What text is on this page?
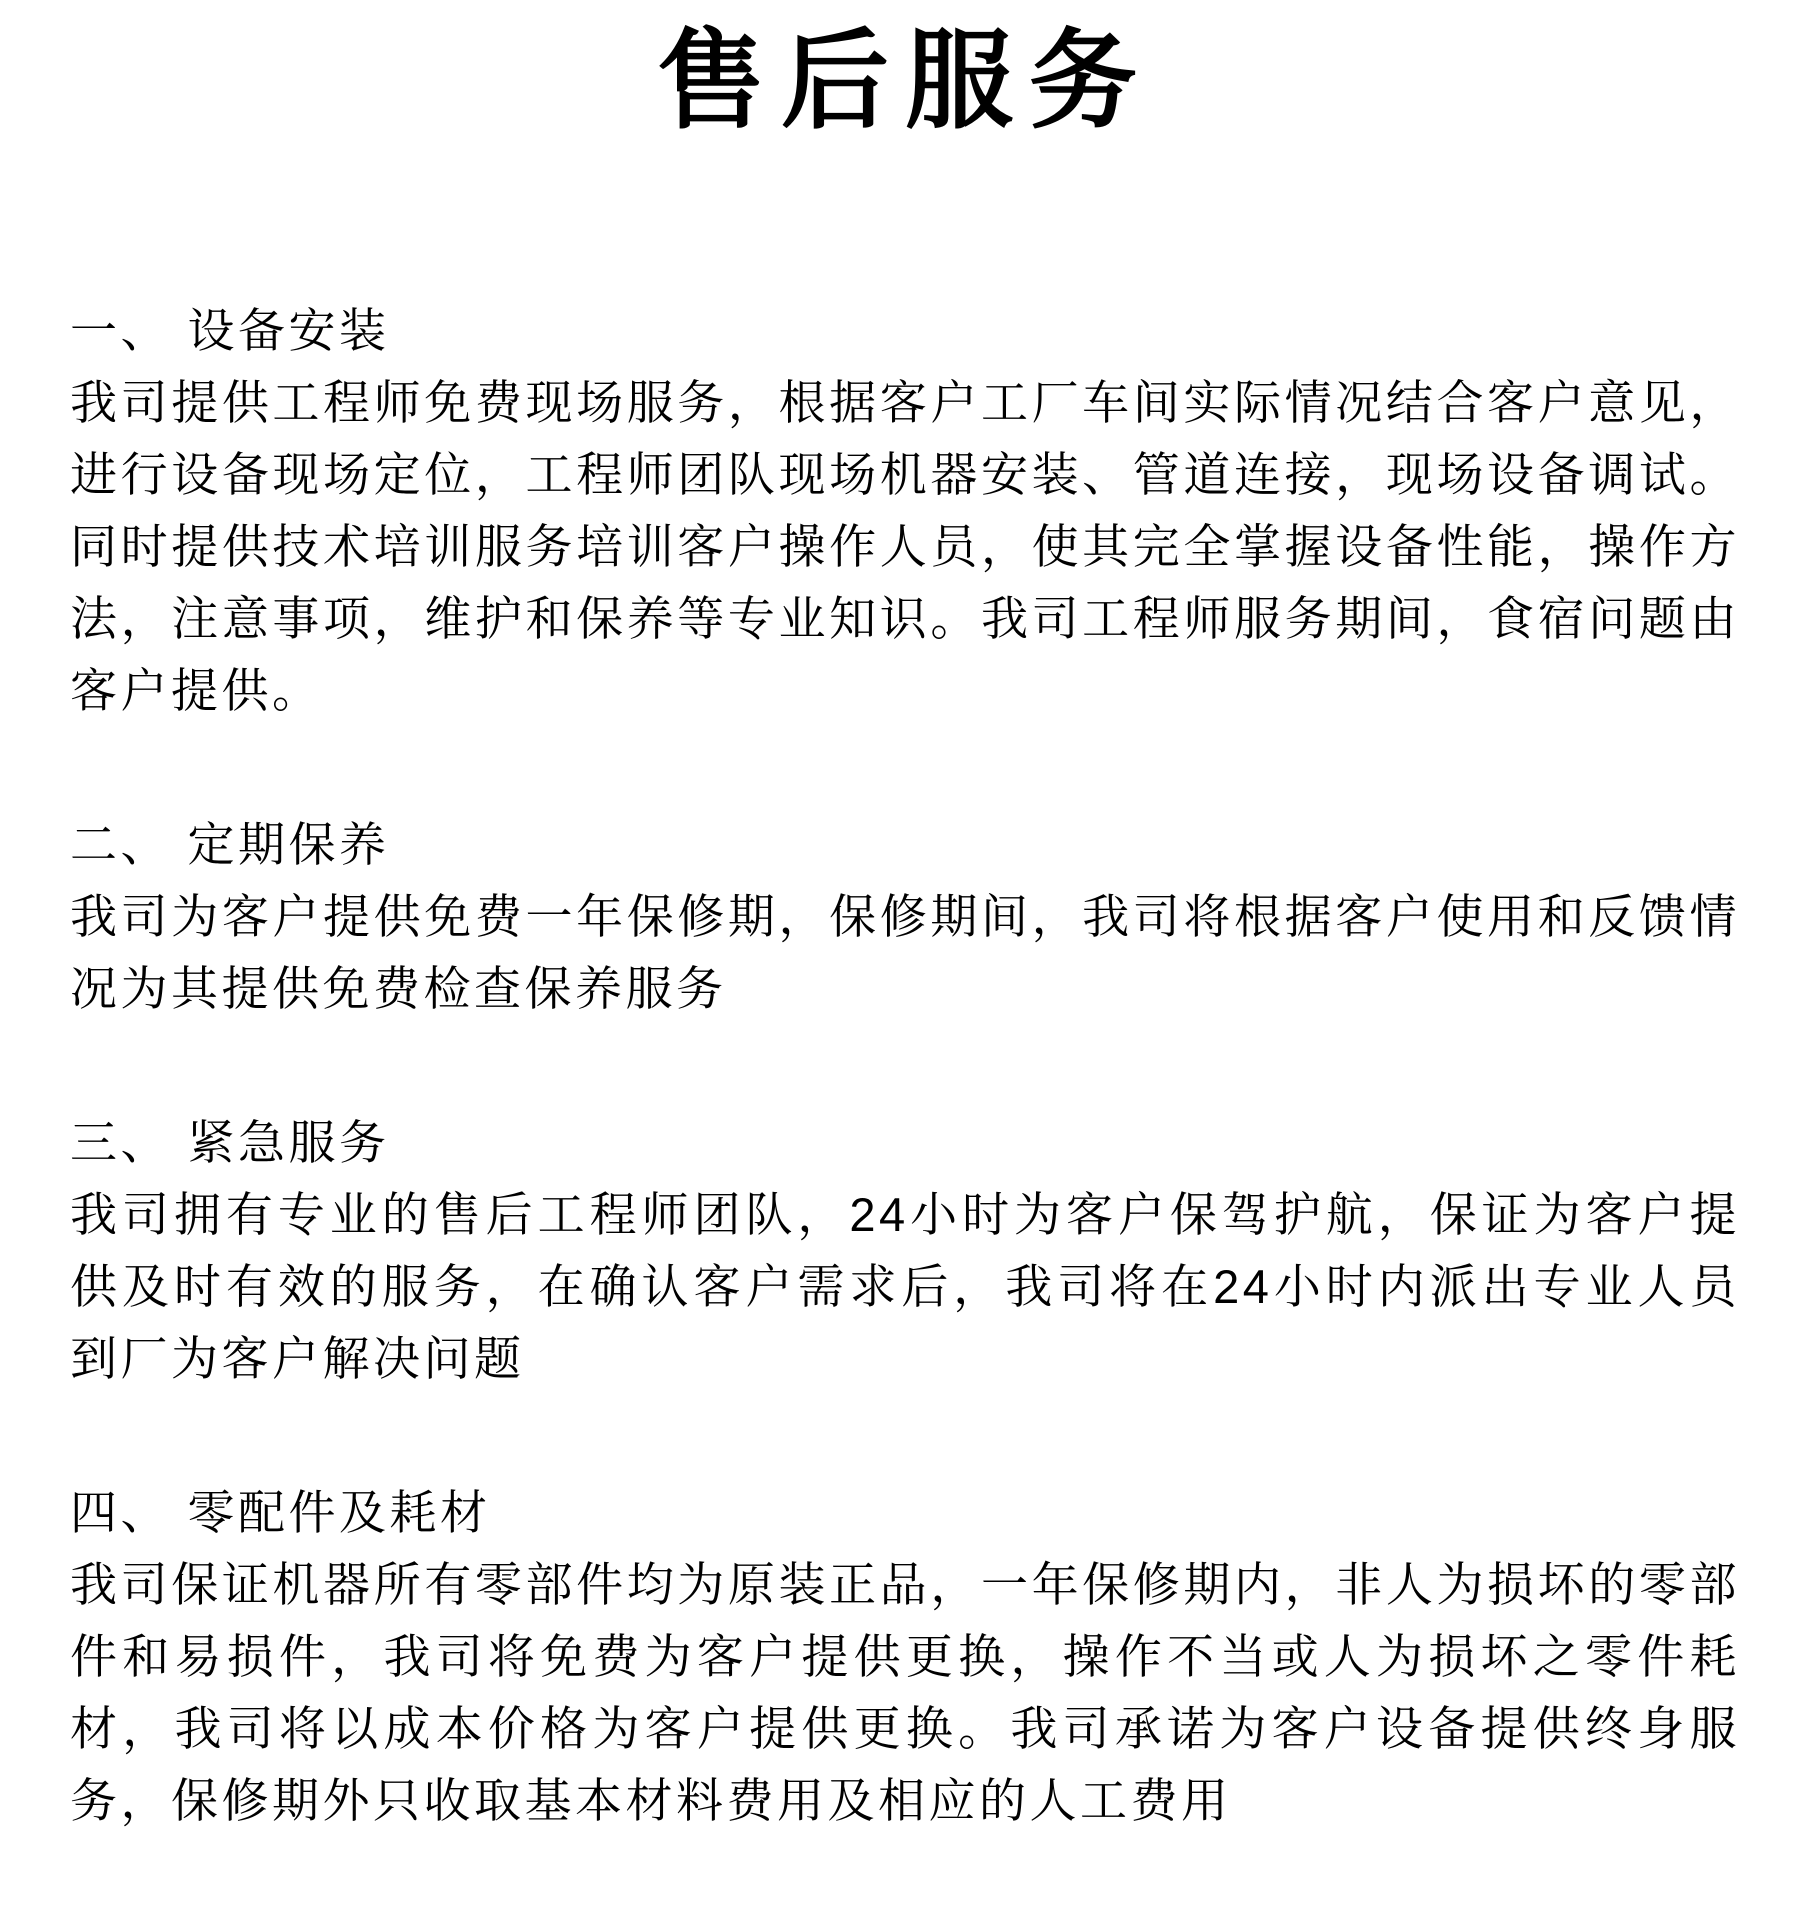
售后服务
一、 设备安装

我司提供工程师免费现场服务，根据客户工厂车间实际情况结合客户意见，进行设备现场定位，工程师团队现场机器安装、管道连接，现场设备调试。同时提供技术培训服务培训客户操作人员，使其完全掌握设备性能，操作方法，注意事项，维护和保养等专业知识。我司工程师服务期间，食宿问题由客户提供。

二、 定期保养

我司为客户提供免费一年保修期，保修期间，我司将根据客户使用和反馈情况为其提供免费检查保养服务

三、 紧急服务

我司拥有专业的售后工程师团队，24小时为客户保驾护航，保证为客户提供及时有效的服务，在确认客户需求后，我司将在24小时内派出专业人员到厂为客户解决问题

四、 零配件及耗材

我司保证机器所有零部件均为原装正品，一年保修期内，非人为损坏的零部件和易损件，我司将免费为客户提供更换，操作不当或人为损坏之零件耗材，我司将以成本价格为客户提供更换。我司承诺为客户设备提供终身服务，保修期外只收取基本材料费用及相应的人工费用
